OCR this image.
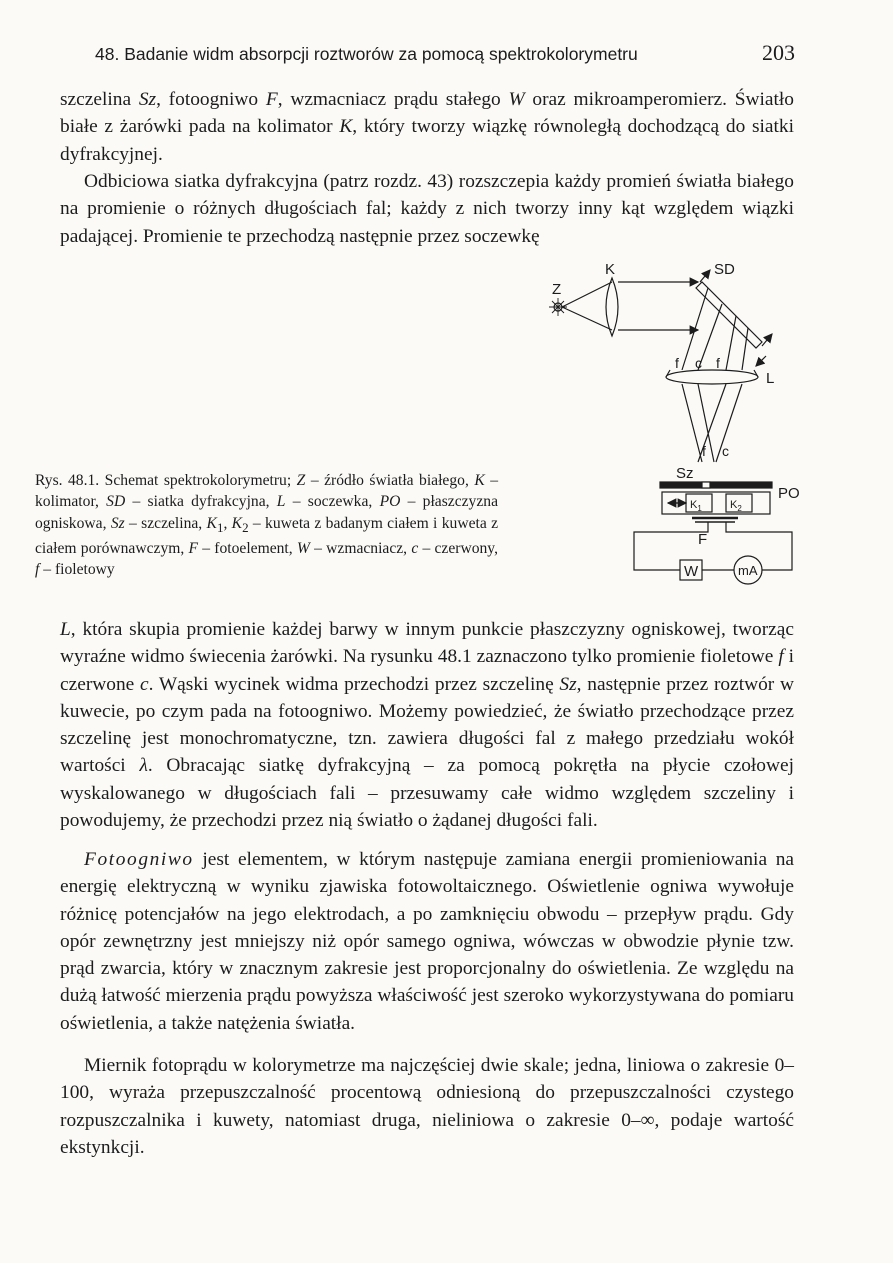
48. Badanie widm absorpcji roztworów za pomocą spektrokolorymetru	203

szczelina Sz, fotoogniwo F, wzmacniacz prądu stałego W oraz mikroamperomierz. Światło białe z żarówki pada na kolimator K, który tworzy wiązkę równoległą dochodzącą do siatki dyfrakcyjnej.

Odbiciowa siatka dyfrakcyjna (patrz rozdz. 43) rozszczepia każdy promień światła białego na promienie o różnych długościach fal; każdy z nich tworzy inny kąt względem wiązki padającej. Promienie te przechodzą następnie przez soczewkę

K	SD
Z
f c f
L
f c
Sz
PO
$K_1$	$K_2$
F
W	mA

Rys. 48.1. Schemat spektrokolorymetru; Z – źródło światła białego, K – kolimator, SD – siatka dyfrakcyjna, L – soczewka, PO – płaszczyzna ogniskowa, Sz – szczelina, $K_1$, $K_2$ – kuweta z badanym ciałem i kuweta z ciałem porównawczym, F – fotoelement, W – wzmacniacz, c – czerwony, f – fioletowy

L, która skupia promienie każdej barwy w innym punkcie płaszczyzny ogniskowej, tworząc wyraźne widmo świecenia żarówki. Na rysunku 48.1 zaznaczono tylko promienie fioletowe f i czerwone c. Wąski wycinek widma przechodzi przez szczelinę Sz, następnie przez roztwór w kuwecie, po czym pada na fotoogniwo. Możemy powiedzieć, że światło przechodzące przez szczelinę jest monochromatyczne, tzn. zawiera długości fal z małego przedziału wokół wartości λ. Obracając siatkę dyfrakcyjną – za pomocą pokrętła na płycie czołowej wyskalowanego w długościach fali – przesuwamy całe widmo względem szczeliny i powodujemy, że przechodzi przez nią światło o żądanej długości fali.

Fotoogniwo jest elementem, w którym następuje zamiana energii promieniowania na energię elektryczną w wyniku zjawiska fotowoltaicznego. Oświetlenie ogniwa wywołuje różnicę potencjałów na jego elektrodach, a po zamknięciu obwodu – przepływ prądu. Gdy opór zewnętrzny jest mniejszy niż opór samego ogniwa, wówczas w obwodzie płynie tzw. prąd zwarcia, który w znacznym zakresie jest proporcjonalny do oświetlenia. Ze względu na dużą łatwość mierzenia prądu powyższa właściwość jest szeroko wykorzystywana do pomiaru oświetlenia, a także natężenia światła.

Miernik fotoprądu w kolorymetrze ma najczęściej dwie skale; jedna, liniowa o zakresie 0–100, wyraża przepuszczalność procentową odniesioną do przepuszczalności czystego rozpuszczalnika i kuwety, natomiast druga, nieliniowa o zakresie 0–∞, podaje wartość ekstynkcji.
